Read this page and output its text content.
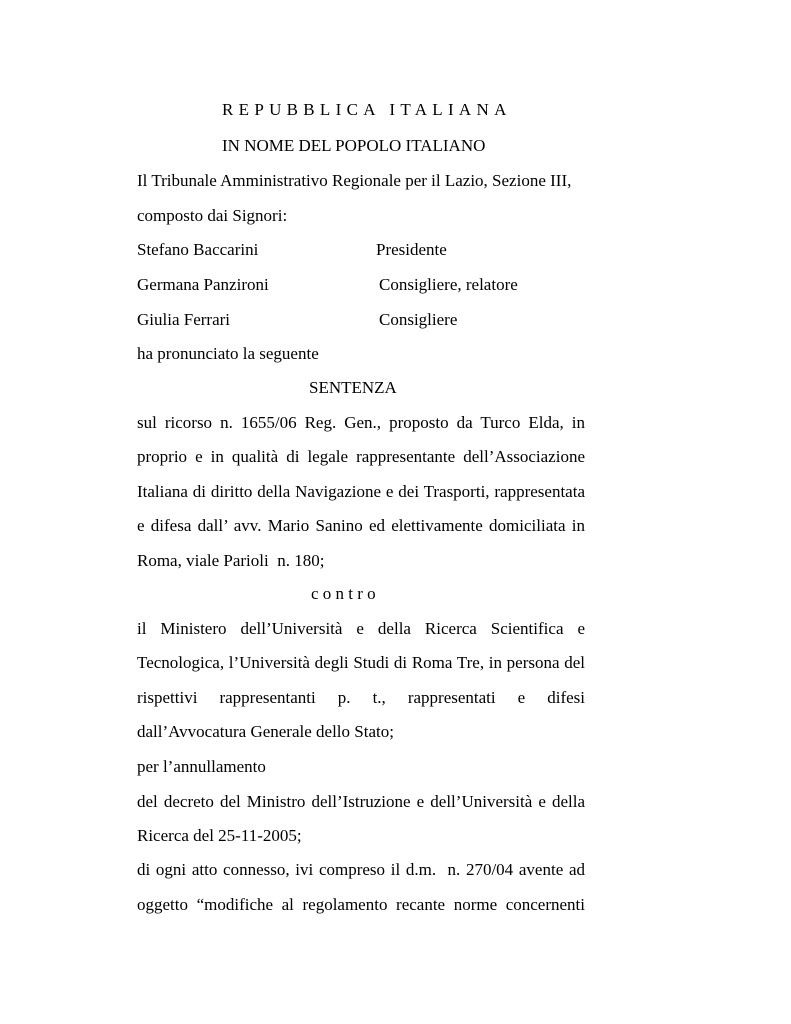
REPUBBLICA ITALIANA
IN NOME DEL POPOLO ITALIANO
Il Tribunale Amministrativo Regionale per il Lazio, Sezione III,
composto dai Signori:
Stefano Baccarini	Presidente
Germana Panzironi	Consigliere, relatore
Giulia Ferrari	Consigliere
ha pronunciato la seguente
SENTENZA
sul ricorso n. 1655/06 Reg. Gen., proposto da Turco Elda, in
proprio e in qualità di legale rappresentante dell’Associazione
Italiana di diritto della Navigazione e dei Trasporti, rappresentata
e difesa dall’ avv. Mario Sanino ed elettivamente domiciliata in
Roma, viale Parioli  n. 180;
c o n t r o
il Ministero dell’Università e della Ricerca Scientifica e
Tecnologica, l’Università degli Studi di Roma Tre, in persona del
rispettivi rappresentanti p. t., rappresentati e difesi
dall’Avvocatura Generale dello Stato;
per l’annullamento
del decreto del Ministro dell’Istruzione e dell’Università e della
Ricerca del 25-11-2005;
di ogni atto connesso, ivi compreso il d.m.  n. 270/04 avente ad
oggetto “modifiche al regolamento recante norme concernenti
